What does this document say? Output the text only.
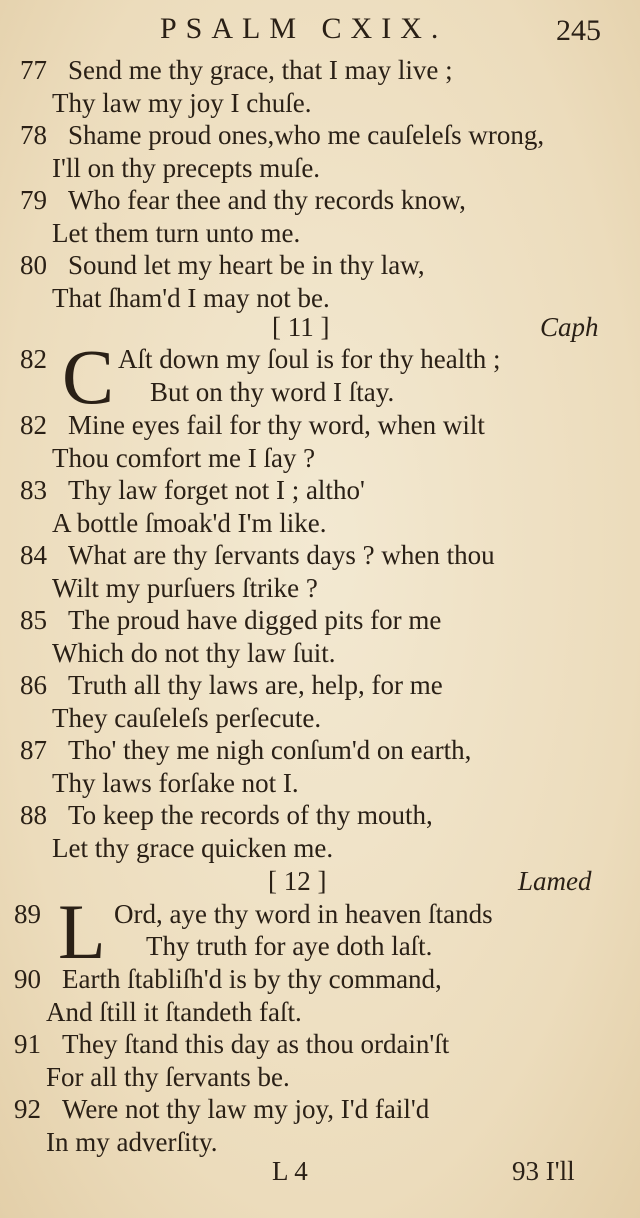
PSALM CXIX.	245
77 Send me thy grace, that I may live ;
Thy law my joy I chuſe.
78 Shame proud ones,who me cauſeleſs wrong,
I'll on thy precepts muſe.
79 Who fear thee and thy records know,
Let them turn unto me.
80 Sound let my heart be in thy law,
That ſham'd I may not be.
[ 11 ]	Caph
82 C Aſt down my ſoul is for thy health ;
But on thy word I ſtay.
82 Mine eyes fail for thy word, when wilt
Thou comfort me I ſay ?
83 Thy law forget not I ; altho'
A bottle ſmoak'd I'm like.
84 What are thy ſervants days ? when thou
Wilt my purſuers ſtrike ?
85 The proud have digged pits for me
Which do not thy law ſuit.
86 Truth all thy laws are, help, for me
They cauſeleſs perſecute.
87 Tho' they me nigh conſum'd on earth,
Thy laws forſake not I.
88 To keep the records of thy mouth,
Let thy grace quicken me.
[ 12 ]	Lamed
89 L Ord, aye thy word in heaven ſtands
Thy truth for aye doth laſt.
90 Earth ſtabliſh'd is by thy command,
And ſtill it ſtandeth faſt.
91 They ſtand this day as thou ordain'ſt
For all thy ſervants be.
92 Were not thy law my joy, I'd fail'd
In my adverſity.
L 4	93 I'll
